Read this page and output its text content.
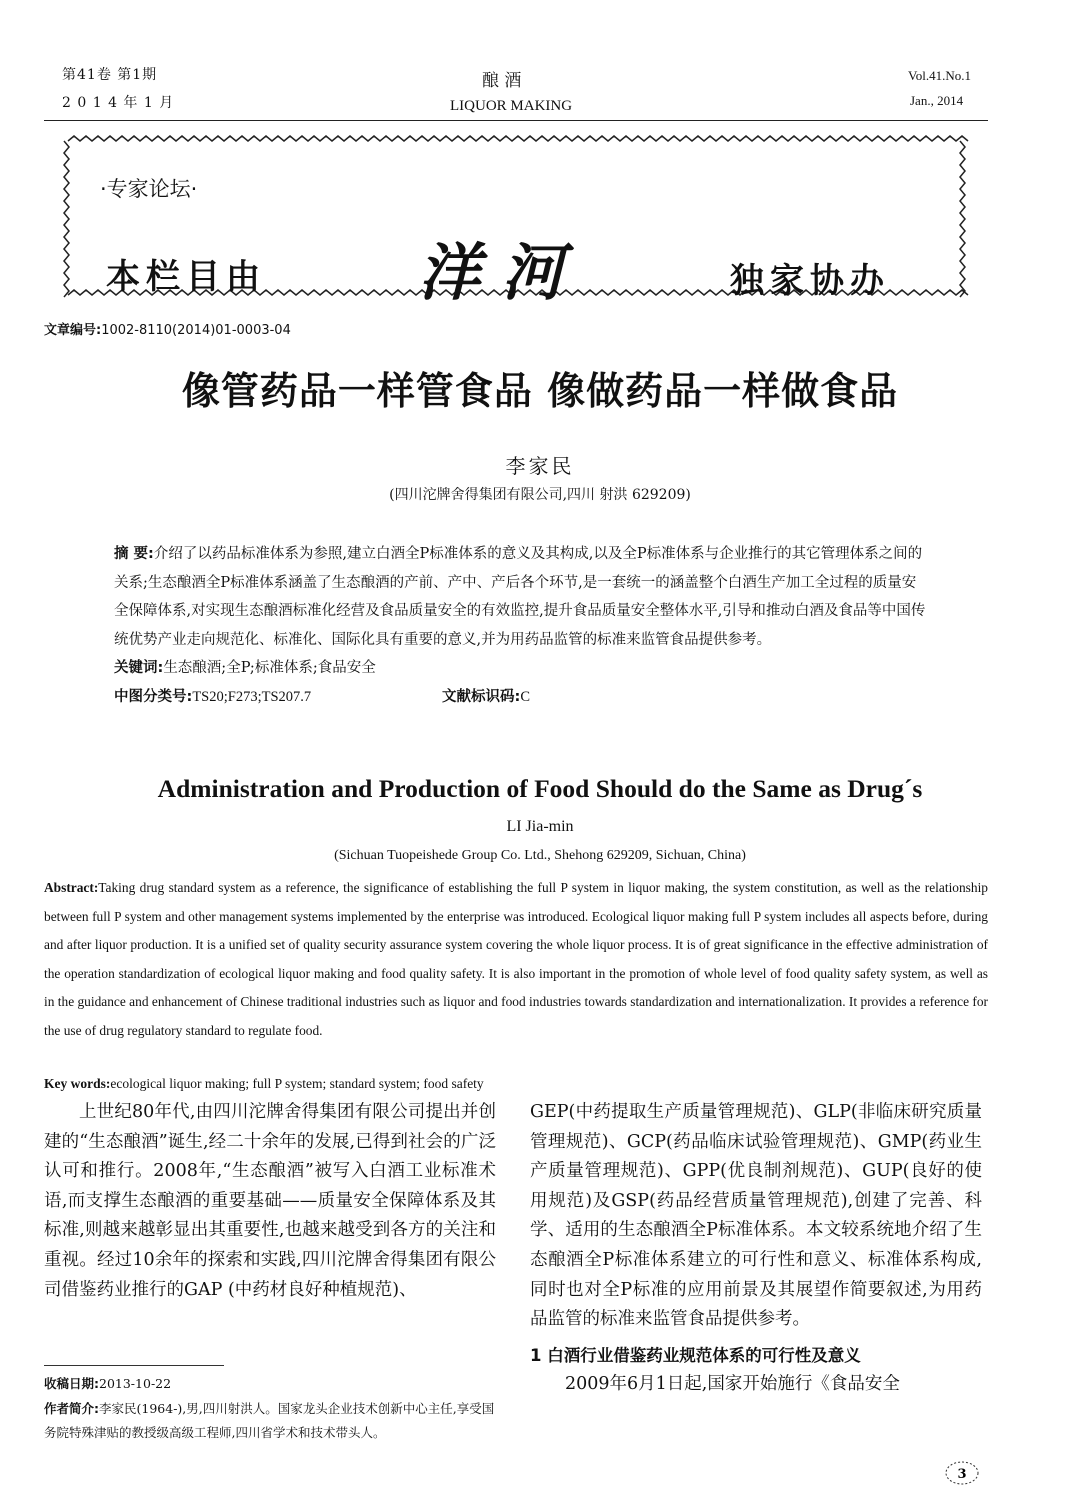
第41卷 第1期
2 0 1 4 年 1 月
酿 酒
LIQUOR MAKING
Vol.41.No.1
Jan., 2014
·专家论坛·
本栏目由 洋 河	独家协办
文章编号:1002-8110(2014)01-0003-04
像管药品一样管食品 像做药品一样做食品
李家民
(四川沱牌舍得集团有限公司,四川 射洪 629209)
摘 要:介绍了以药品标准体系为参照,建立白酒全P标准体系的意义及其构成,以及全P标准体系与企业推行的其它管理体系之间的关系;生态酿酒全P标准体系涵盖了生态酿酒的产前、产中、产后各个环节,是一套统一的涵盖整个白酒生产加工全过程的质量安全保障体系,对实现生态酿酒标准化经营及食品质量安全的有效监控,提升食品质量安全整体水平,引导和推动白酒及食品等中国传统优势产业走向规范化、标准化、国际化具有重要的意义,并为用药品监管的标准来监管食品提供参考。
关键词:生态酿酒;全P;标准体系;食品安全
中图分类号:TS20;F273;TS207.7	文献标识码:C
Administration and Production of Food Should do the Same as Drug´s
LI Jia-min
(Sichuan Tuopeishede Group Co. Ltd., Shehong 629209, Sichuan, China)
Abstract:Taking drug standard system as a reference, the significance of establishing the full P system in liquor making, the system constitution, as well as the relationship between full P system and other management systems implemented by the enterprise was introduced. Ecological liquor making full P system includes all aspects before, during and after liquor production. It is a unified set of quality security assurance system covering the whole liquor process. It is of great significance in the effective administration of the operation standardization of ecological liquor making and food quality safety. It is also important in the promotion of whole level of food quality safety system, as well as in the guidance and enhancement of Chinese traditional industries such as liquor and food industries towards standardization and internationalization. It provides a reference for the use of drug regulatory standard to regulate food.
Key words:ecological liquor making; full P system; standard system; food safety

上世纪80年代,由四川沱牌舍得集团有限公司提出并创建的“生态酿酒”诞生,经二十余年的发展,已得到社会的广泛认可和推行。2008年,“生态酿酒”被写入白酒工业标准术语,而支撑生态酿酒的重要基础——质量安全保障体系及其标准,则越来越彰显出其重要性,也越来越受到各方的关注和重视。经过10余年的探索和实践,四川沱牌舍得集团有限公司借鉴药业推行的GAP (中药材良好种植规范)、

GEP(中药提取生产质量管理规范)、GLP(非临床研究质量管理规范)、GCP(药品临床试验管理规范)、GMP(药业生产质量管理规范)、GPP(优良制剂规范)、GUP(良好的使用规范)及GSP(药品经营质量管理规范),创建了完善、科学、适用的生态酿酒全P标准体系。本文较系统地介绍了生态酿酒全P标准体系建立的可行性和意义、标准体系构成,同时也对全P标准的应用前景及其展望作简要叙述,为用药品监管的标准来监管食品提供参考。

1 白酒行业借鉴药业规范体系的可行性及意义

2009年6月1日起,国家开始施行《食品安全

收稿日期:2013-10-22
作者简介:李家民(1964-),男,四川射洪人。国家龙头企业技术创新中心主任,享受国务院特殊津贴的教授级高级工程师,四川省学术和技术带头人。
3
